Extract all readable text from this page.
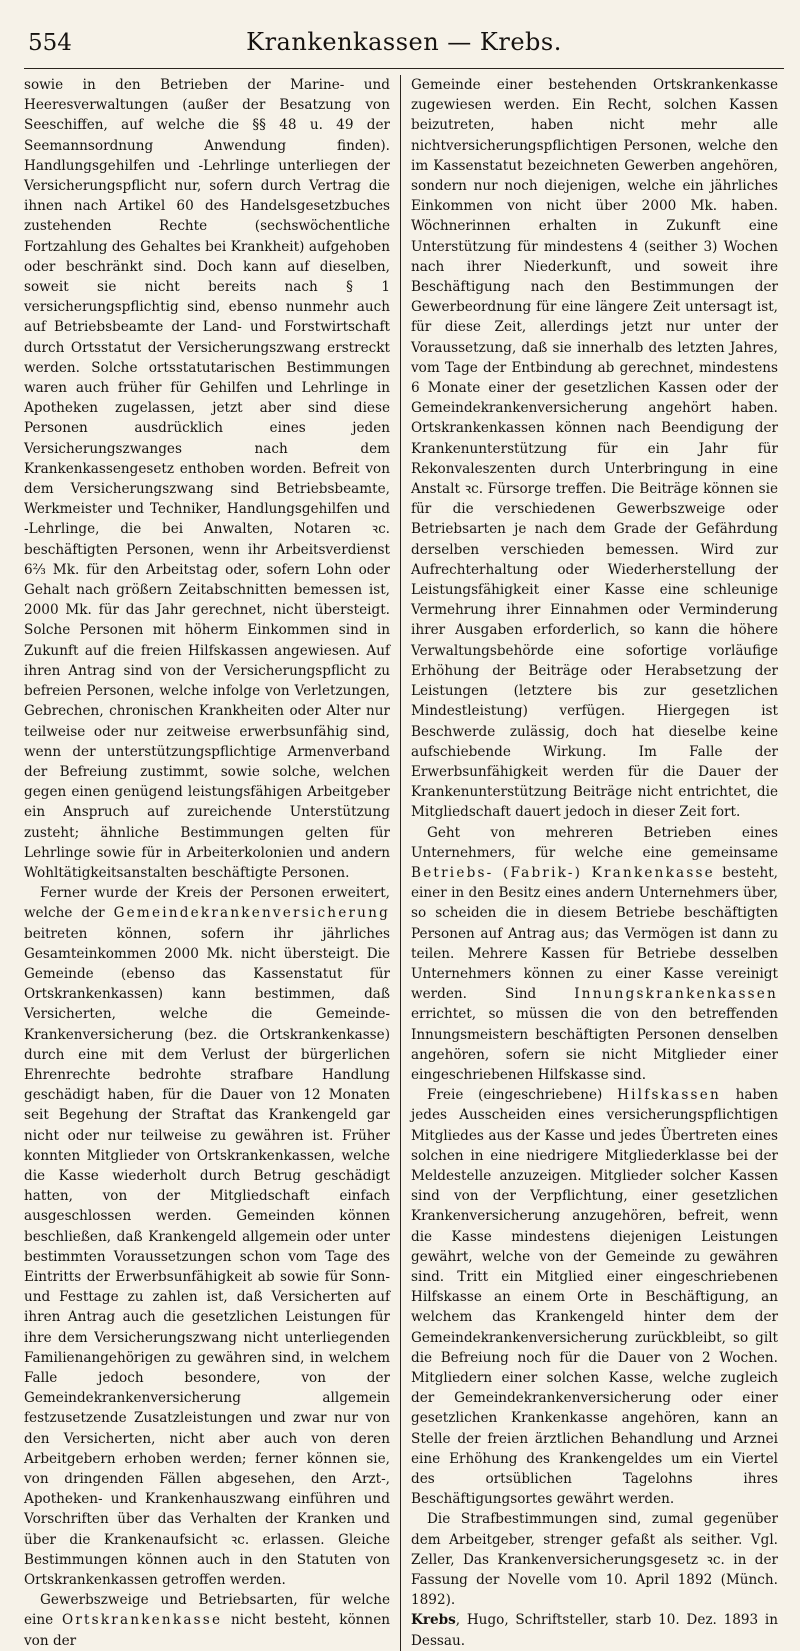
554	Krankenkassen — Krebs.

sowie in den Betrieben der Marine- und Heeresverwaltungen (außer der Besatzung von Seeschiffen, auf welche die §§ 48 u. 49 der Seemannsordnung Anwendung finden). Handlungsgehilfen und -Lehrlinge unterliegen der Versicherungspflicht nur, sofern durch Vertrag die ihnen nach Artikel 60 des Handelsgesetzbuches zustehenden Rechte (sechswöchentliche Fortzahlung des Gehaltes bei Krankheit) aufgehoben oder beschränkt sind. Doch kann auf dieselben, soweit sie nicht bereits nach § 1 versicherungspflichtig sind, ebenso nunmehr auch auf Betriebsbeamte der Land- und Forstwirtschaft durch Ortsstatut der Versicherungszwang erstreckt werden. Solche ortsstatutarischen Bestimmungen waren auch früher für Gehilfen und Lehrlinge in Apotheken zugelassen, jetzt aber sind diese Personen ausdrücklich eines jeden Versicherungszwanges nach dem Krankenkassengesetz enthoben worden. Befreit von dem Versicherungszwang sind Betriebsbeamte, Werkmeister und Techniker, Handlungsgehilfen und -Lehrlinge, die bei Anwalten, Notaren ꝛc. beschäftigten Personen, wenn ihr Arbeitsverdienst 6⅔ Mk. für den Arbeitstag oder, sofern Lohn oder Gehalt nach größern Zeitabschnitten bemessen ist, 2000 Mk. für das Jahr gerechnet, nicht übersteigt. Solche Personen mit höherm Einkommen sind in Zukunft auf die freien Hilfskassen angewiesen. Auf ihren Antrag sind von der Versicherungspflicht zu befreien Personen, welche infolge von Verletzungen, Gebrechen, chronischen Krankheiten oder Alter nur teilweise oder nur zeitweise erwerbsunfähig sind, wenn der unterstützungspflichtige Armenverband der Befreiung zustimmt, sowie solche, welchen gegen einen genügend leistungsfähigen Arbeitgeber ein Anspruch auf zureichende Unterstützung zusteht; ähnliche Bestimmungen gelten für Lehrlinge sowie für in Arbeiterkolonien und andern Wohltätigkeitsanstalten beschäftigte Personen.

Ferner wurde der Kreis der Personen erweitert, welche der Gemeindekrankenversicherung beitreten können, sofern ihr jährliches Gesamteinkommen 2000 Mk. nicht übersteigt. Die Gemeinde (ebenso das Kassenstatut für Ortskrankenkassen) kann bestimmen, daß Versicherten, welche die Gemeinde-Krankenversicherung (bez. die Ortskrankenkasse) durch eine mit dem Verlust der bürgerlichen Ehrenrechte bedrohte strafbare Handlung geschädigt haben, für die Dauer von 12 Monaten seit Begehung der Straftat das Krankengeld gar nicht oder nur teilweise zu gewähren ist. Früher konnten Mitglieder von Ortskrankenkassen, welche die Kasse wiederholt durch Betrug geschädigt hatten, von der Mitgliedschaft einfach ausgeschlossen werden. Gemeinden können beschließen, daß Krankengeld allgemein oder unter bestimmten Voraussetzungen schon vom Tage des Eintritts der Erwerbsunfähigkeit ab sowie für Sonn- und Festtage zu zahlen ist, daß Versicherten auf ihren Antrag auch die gesetzlichen Leistungen für ihre dem Versicherungszwang nicht unterliegenden Familienangehörigen zu gewähren sind, in welchem Falle jedoch besondere, von der Gemeindekrankenversicherung allgemein festzusetzende Zusatzleistungen und zwar nur von den Versicherten, nicht aber auch von deren Arbeitgebern erhoben werden; ferner können sie, von dringenden Fällen abgesehen, den Arzt-, Apotheken- und Krankenhauszwang einführen und Vorschriften über das Verhalten der Kranken und über die Krankenaufsicht ꝛc. erlassen. Gleiche Bestimmungen können auch in den Statuten von Ortskrankenkassen getroffen werden.

Gewerbszweige und Betriebsarten, für welche eine Ortskrankenkasse nicht besteht, können von der

Gemeinde einer bestehenden Ortskrankenkasse zugewiesen werden. Ein Recht, solchen Kassen beizutreten, haben nicht mehr alle nichtversicherungspflichtigen Personen, welche den im Kassenstatut bezeichneten Gewerben angehören, sondern nur noch diejenigen, welche ein jährliches Einkommen von nicht über 2000 Mk. haben. Wöchnerinnen erhalten in Zukunft eine Unterstützung für mindestens 4 (seither 3) Wochen nach ihrer Niederkunft, und soweit ihre Beschäftigung nach den Bestimmungen der Gewerbeordnung für eine längere Zeit untersagt ist, für diese Zeit, allerdings jetzt nur unter der Voraussetzung, daß sie innerhalb des letzten Jahres, vom Tage der Entbindung ab gerechnet, mindestens 6 Monate einer der gesetzlichen Kassen oder der Gemeindekrankenversicherung angehört haben. Ortskrankenkassen können nach Beendigung der Krankenunterstützung für ein Jahr für Rekonvaleszenten durch Unterbringung in eine Anstalt ꝛc. Fürsorge treffen. Die Beiträge können sie für die verschiedenen Gewerbszweige oder Betriebsarten je nach dem Grade der Gefährdung derselben verschieden bemessen. Wird zur Aufrechterhaltung oder Wiederherstellung der Leistungsfähigkeit einer Kasse eine schleunige Vermehrung ihrer Einnahmen oder Verminderung ihrer Ausgaben erforderlich, so kann die höhere Verwaltungsbehörde eine sofortige vorläufige Erhöhung der Beiträge oder Herabsetzung der Leistungen (letztere bis zur gesetzlichen Mindestleistung) verfügen. Hiergegen ist Beschwerde zulässig, doch hat dieselbe keine aufschiebende Wirkung. Im Falle der Erwerbsunfähigkeit werden für die Dauer der Krankenunterstützung Beiträge nicht entrichtet, die Mitgliedschaft dauert jedoch in dieser Zeit fort.

Geht von mehreren Betrieben eines Unternehmers, für welche eine gemeinsame Betriebs- (Fabrik-) Krankenkasse besteht, einer in den Besitz eines andern Unternehmers über, so scheiden die in diesem Betriebe beschäftigten Personen auf Antrag aus; das Vermögen ist dann zu teilen. Mehrere Kassen für Betriebe desselben Unternehmers können zu einer Kasse vereinigt werden. Sind Innungskrankenkassen errichtet, so müssen die von den betreffenden Innungsmeistern beschäftigten Personen denselben angehören, sofern sie nicht Mitglieder einer eingeschriebenen Hilfskasse sind.

Freie (eingeschriebene) Hilfskassen haben jedes Ausscheiden eines versicherungspflichtigen Mitgliedes aus der Kasse und jedes Übertreten eines solchen in eine niedrigere Mitgliederklasse bei der Meldestelle anzuzeigen. Mitglieder solcher Kassen sind von der Verpflichtung, einer gesetzlichen Krankenversicherung anzugehören, befreit, wenn die Kasse mindestens diejenigen Leistungen gewährt, welche von der Gemeinde zu gewähren sind. Tritt ein Mitglied einer eingeschriebenen Hilfskasse an einem Orte in Beschäftigung, an welchem das Krankengeld hinter dem der Gemeindekrankenversicherung zurückbleibt, so gilt die Befreiung noch für die Dauer von 2 Wochen. Mitgliedern einer solchen Kasse, welche zugleich der Gemeindekrankenversicherung oder einer gesetzlichen Krankenkasse angehören, kann an Stelle der freien ärztlichen Behandlung und Arznei eine Erhöhung des Krankengeldes um ein Viertel des ortsüblichen Tagelohns ihres Beschäftigungsortes gewährt werden.

Die Strafbestimmungen sind, zumal gegenüber dem Arbeitgeber, strenger gefaßt als seither. Vgl. Zeller, Das Krankenversicherungsgesetz ꝛc. in der Fassung der Novelle vom 10. April 1892 (Münch. 1892).

Krebs, Hugo, Schriftsteller, starb 10. Dez. 1893 in Dessau.
